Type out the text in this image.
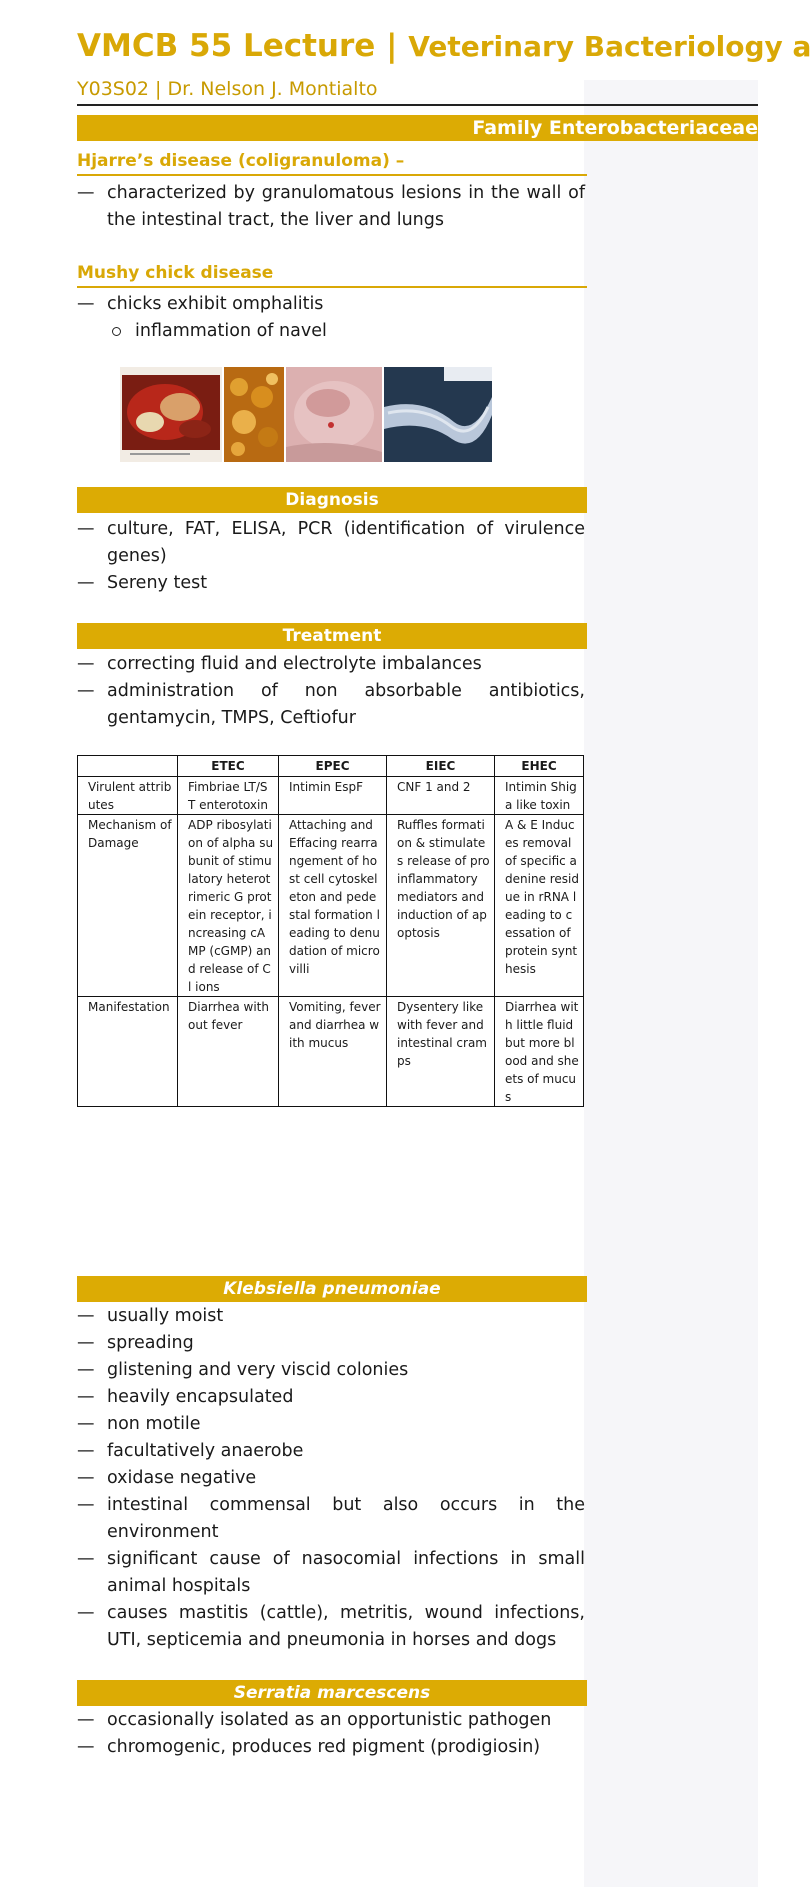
VMCB 55 Lecture | Veterinary Bacteriology a
Y03S02 | Dr. Nelson J. Montialto
Family Enterobacteriaceae
Hjarre’s disease (coligranuloma) –
— characterized by granulomatous lesions in the wall of the intestinal tract, the liver and lungs
Mushy chick disease
— chicks exhibit omphalitis
inflammation of navel
Diagnosis
— culture, FAT, ELISA, PCR (identification of virulence genes)
— Sereny test
Treatment
— correcting fluid and electrolyte imbalances
— administration of non absorbable antibiotics, gentamycin, TMPS, Ceftiofur
	ETEC	EPEC	EIEC	EHEC
Virulent attributes	Fimbriae LT/ST enterotoxin	Intimin EspF	CNF 1 and 2	Intimin Shiga like toxin
Mechanism of Damage	ADP ribosylation of alpha subunit of stimulatory heterotrimeric G protein receptor, increasing cAMP (cGMP) and release of Cl ions	Attaching and Effacing rearrangement of host cell cytoskeleton and pedestal formation leading to denudation of microvilli	Ruffles formation & stimulates release of proinflammatory mediators and induction of apoptosis	A & E Induces removal of specific adenine residue in rRNA leading to cessation of protein synthesis
Manifestation	Diarrhea without fever	Vomiting, fever and diarrhea with mucus	Dysentery like with fever and intestinal cramps	Diarrhea with little fluid but more blood and sheets of mucus
Klebsiella pneumoniae
— usually moist
— spreading
— glistening and very viscid colonies
— heavily encapsulated
— non motile
— facultatively anaerobe
— oxidase negative
— intestinal commensal but also occurs in the environment
— significant cause of nasocomial infections in small animal hospitals
— causes mastitis (cattle), metritis, wound infections, UTI, septicemia and pneumonia in horses and dogs
Serratia marcescens
— occasionally isolated as an opportunistic pathogen
— chromogenic, produces red pigment (prodigiosin)
